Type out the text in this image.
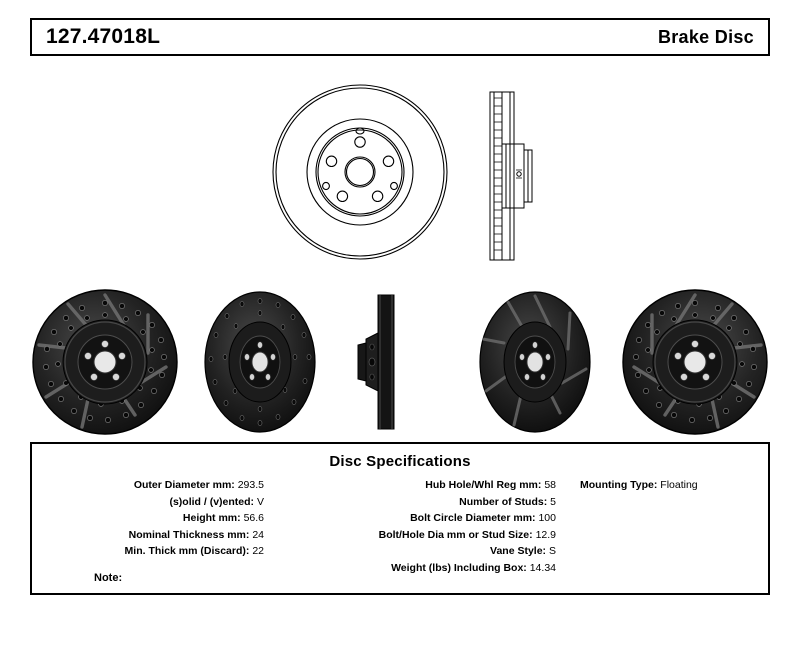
127.47018L	Brake Disc
Disc Specifications
Outer Diameter mm: 293.5
(s)olid / (v)ented: V
Height mm: 56.6
Nominal Thickness mm: 24
Min. Thick mm (Discard): 22
Hub Hole/Whl Reg mm: 58
Number of Studs: 5
Bolt Circle Diameter mm: 100
Bolt/Hole Dia mm or Stud Size: 12.9
Vane Style: S
Weight (lbs) Including Box: 14.34
Mounting Type: Floating
Note:
